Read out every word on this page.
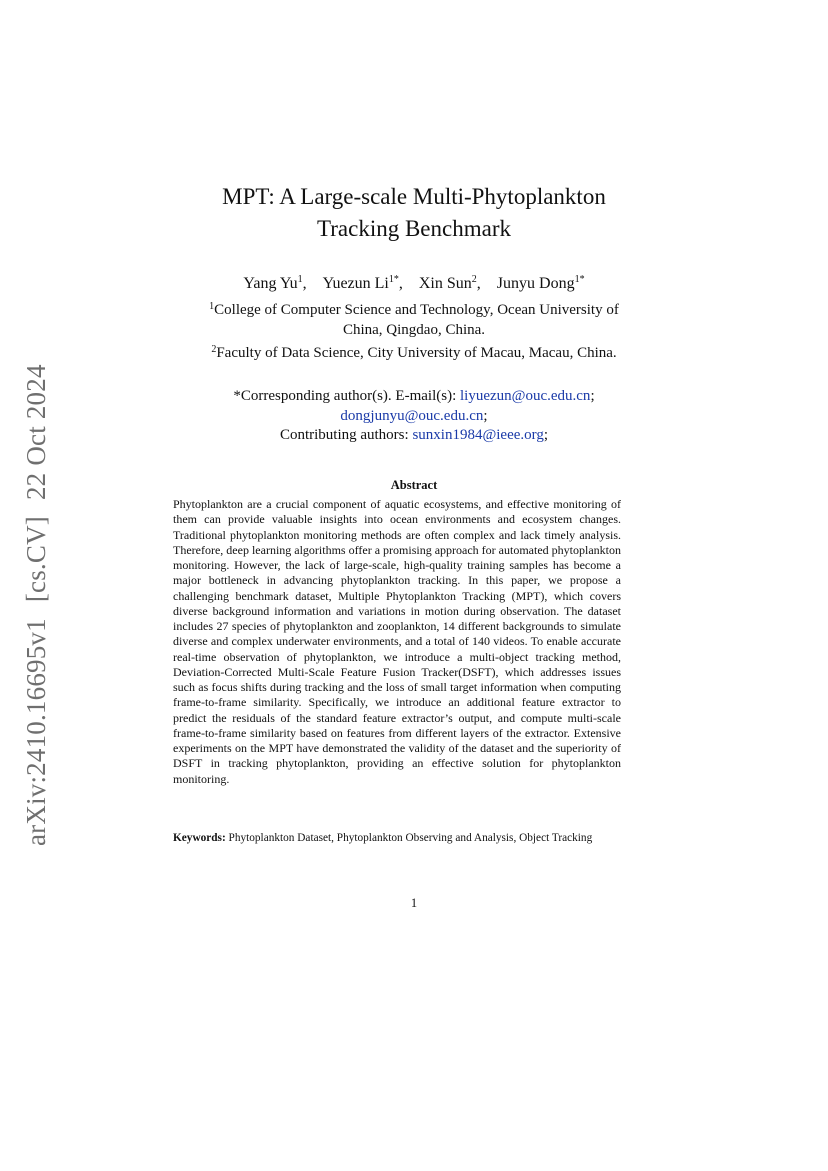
arXiv:2410.16695v1[cs.CV]22 Oct 2024
MPT: A Large-scale Multi-Phytoplankton
Tracking Benchmark
Yang Yu$^1$, Yuezun $Li^{1*}$, Xin Sun$^2$, Junyu Dong$^{1*}$
$^1$College of Computer Science and Technology, Ocean University of
China, Qingdao, China.
$^2$Faculty of Data Science, City University of Macau, Macau, China.
*Corresponding author(s). E-mail(s): liyuezun@ouc.edu.cn;
dongjunyu@ouc.edu.cn;
Contributing authors: sunxin1984@ieee.org;
Abstract
Phytoplankton are a crucial component of aquatic ecosystems, and effective monitoring of them can provide valuable insights into ocean environments and ecosystem changes. Traditional phytoplankton monitoring methods are often complex and lack timely analysis. Therefore, deep learning algorithms offer a promising approach for automated phytoplankton monitoring. However, the lack of large-scale, high-quality training samples has become a major bottleneck in advancing phytoplankton tracking. In this paper, we propose a challenging benchmark dataset, Multiple Phytoplankton Tracking (MPT), which covers diverse background information and variations in motion during observation. The dataset includes 27 species of phytoplankton and zooplankton, 14 different backgrounds to simulate diverse and complex underwater environments, and a total of 140 videos. To enable accurate real-time observation of phytoplankton, we introduce a multi-object tracking method, Deviation-Corrected Multi-Scale Feature Fusion Tracker(DSFT), which addresses issues such as focus shifts during tracking and the loss of small target information when computing frame-to-frame similarity. Specifically, we introduce an additional feature extractor to predict the residuals of the standard feature extractor’s output, and compute multi-scale frame-to-frame similarity based on features from different layers of the extractor. Extensive experiments on the MPT have demonstrated the validity of the dataset and the superiority of DSFT in tracking phytoplankton, providing an effective solution for phytoplankton monitoring.
Keywords: Phytoplankton Dataset, Phytoplankton Observing and Analysis, Object Tracking
1
